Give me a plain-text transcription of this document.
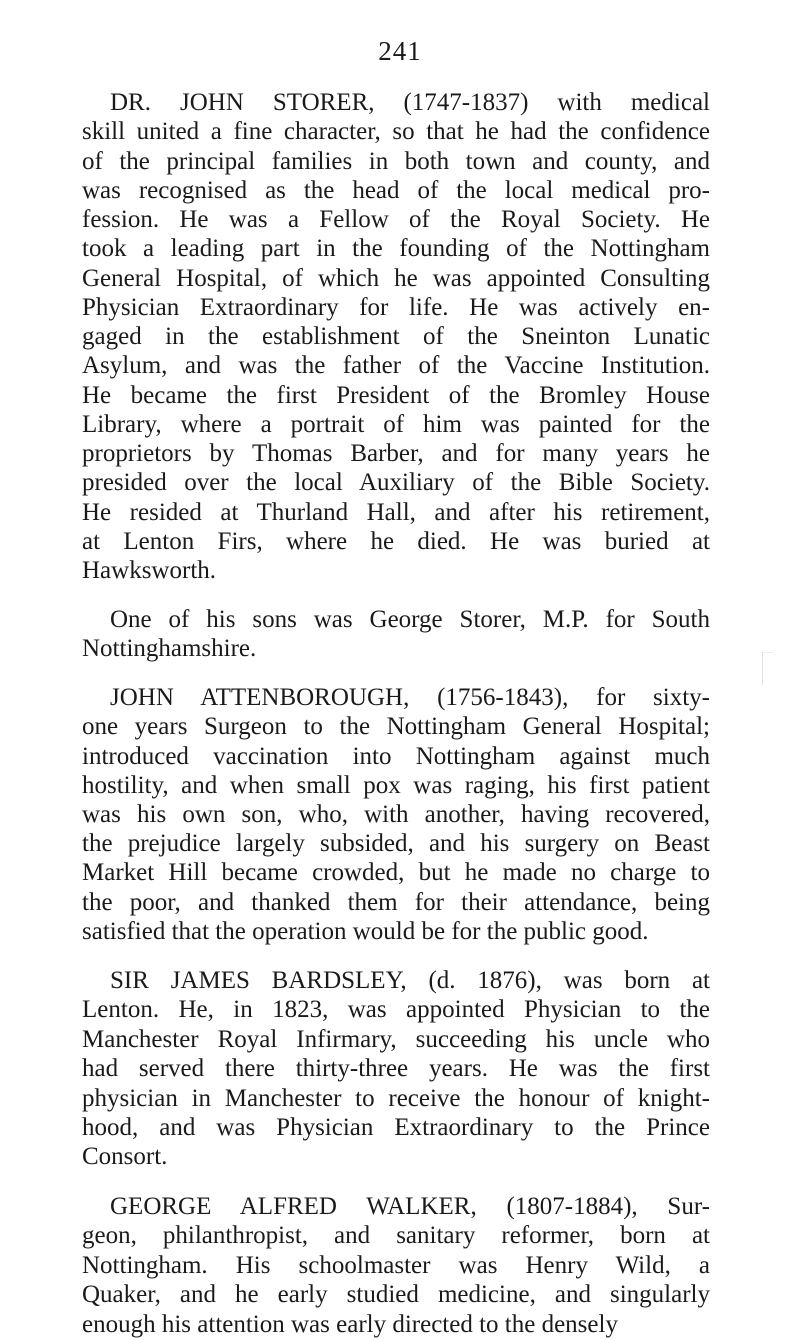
241
DR. JOHN STORER, (1747-1837) with medical
skill united a fine character, so that he had the confidence
of the principal families in both town and county, and
was recognised as the head of the local medical pro-
fession. He was a Fellow of the Royal Society. He
took a leading part in the founding of the Nottingham
General Hospital, of which he was appointed Consulting
Physician Extraordinary for life. He was actively en-
gaged in the establishment of the Sneinton Lunatic
Asylum, and was the father of the Vaccine Institution.
He became the first President of the Bromley House
Library, where a portrait of him was painted for the
proprietors by Thomas Barber, and for many years he
presided over the local Auxiliary of the Bible Society.
He resided at Thurland Hall, and after his retirement,
at Lenton Firs, where he died. He was buried at
Hawksworth.
One of his sons was George Storer, M.P. for South
Nottinghamshire.
JOHN ATTENBOROUGH, (1756-1843), for sixty-
one years Surgeon to the Nottingham General Hospital;
introduced vaccination into Nottingham against much
hostility, and when small pox was raging, his first patient
was his own son, who, with another, having recovered,
the prejudice largely subsided, and his surgery on Beast
Market Hill became crowded, but he made no charge to
the poor, and thanked them for their attendance, being
satisfied that the operation would be for the public good.
SIR JAMES BARDSLEY, (d. 1876), was born at
Lenton. He, in 1823, was appointed Physician to the
Manchester Royal Infirmary, succeeding his uncle who
had served there thirty-three years. He was the first
physician in Manchester to receive the honour of knight-
hood, and was Physician Extraordinary to the Prince
Consort.
GEORGE ALFRED WALKER, (1807-1884), Sur-
geon, philanthropist, and sanitary reformer, born at
Nottingham. His schoolmaster was Henry Wild, a
Quaker, and he early studied medicine, and singularly
enough his attention was early directed to the densely
